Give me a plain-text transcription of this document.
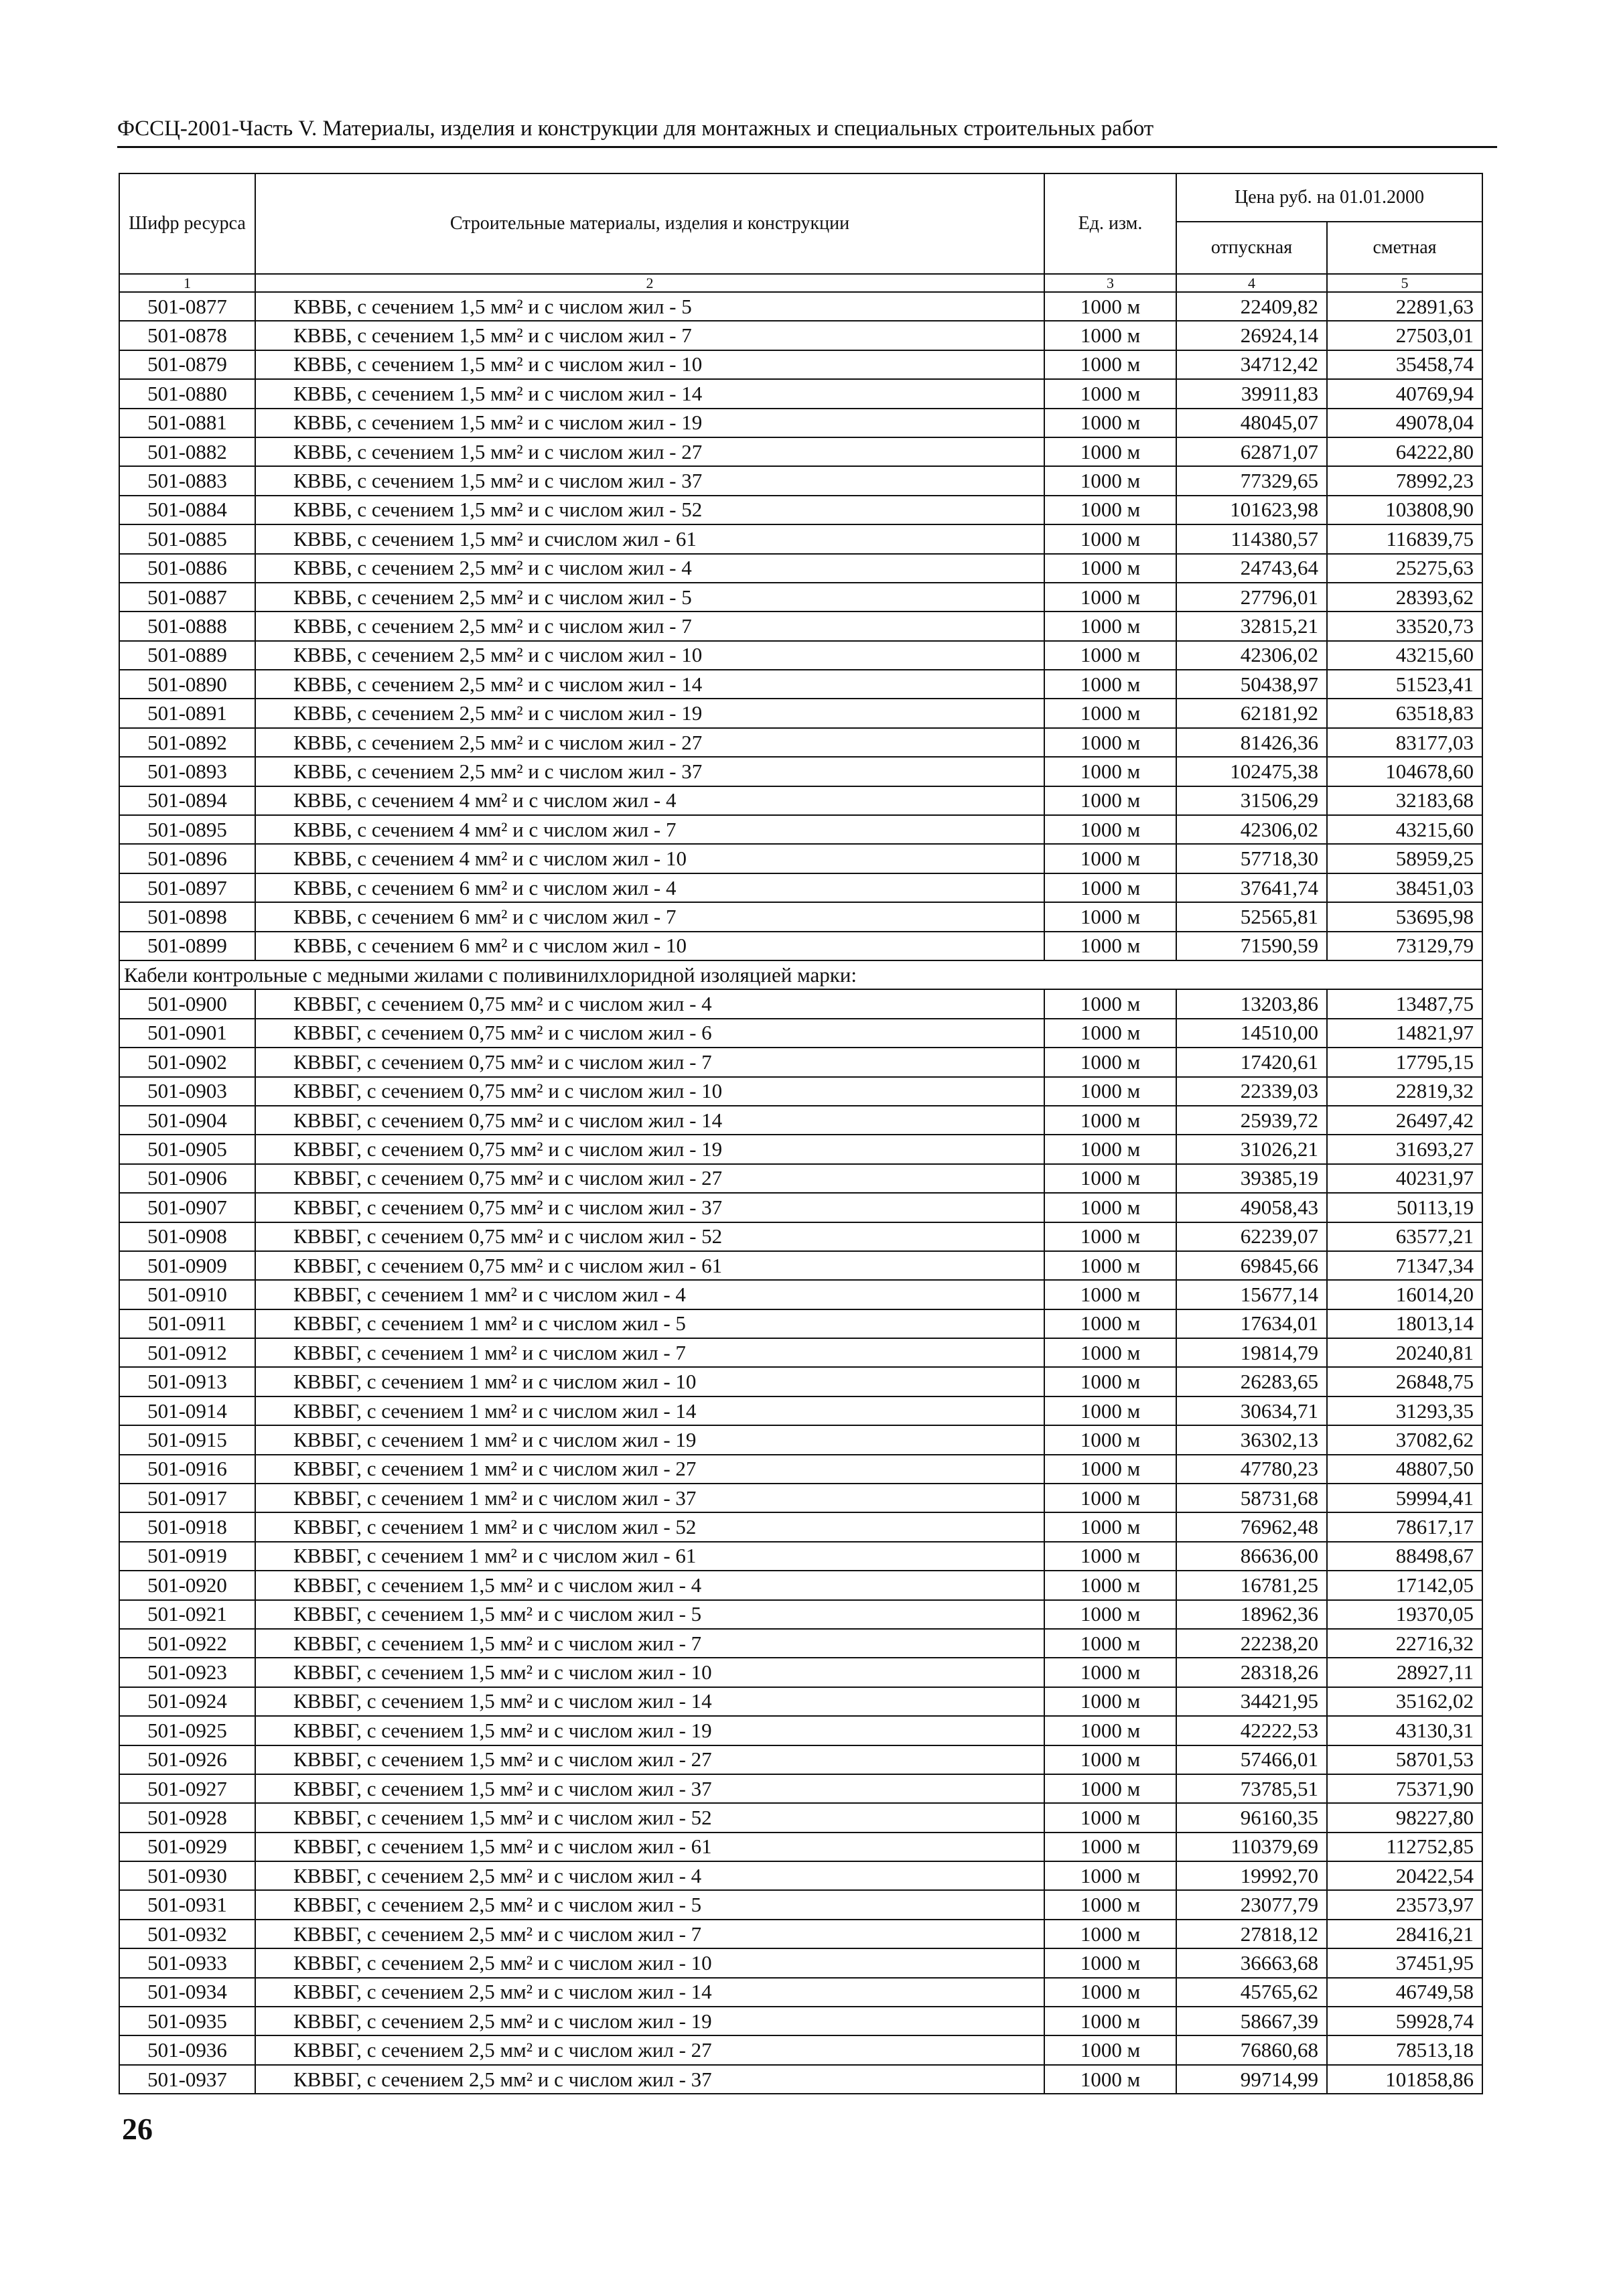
ФССЦ-2001-Часть V. Материалы, изделия и конструкции для монтажных и специальных строительных работ
Шифр ресурса	Строительные материалы, изделия и конструкции	Ед. изм.	Цена руб. на 01.01.2000	
			отпускная	сметная
1	2	3	4	5
501-0877	КВВБ, с сечением 1,5 мм² и с числом жил - 5	1000 м	22409,82	22891,63
501-0878	КВВБ, с сечением 1,5 мм² и с числом жил - 7	1000 м	26924,14	27503,01
501-0879	КВВБ, с сечением 1,5 мм² и с числом жил - 10	1000 м	34712,42	35458,74
501-0880	КВВБ, с сечением 1,5 мм² и с числом жил - 14	1000 м	39911,83	40769,94
501-0881	КВВБ, с сечением 1,5 мм² и с числом жил - 19	1000 м	48045,07	49078,04
501-0882	КВВБ, с сечением 1,5 мм² и с числом жил - 27	1000 м	62871,07	64222,80
501-0883	КВВБ, с сечением 1,5 мм² и с числом жил - 37	1000 м	77329,65	78992,23
501-0884	КВВБ, с сечением 1,5 мм² и с числом жил - 52	1000 м	101623,98	103808,90
501-0885	КВВБ, с сечением 1,5 мм² и счислом жил - 61	1000 м	114380,57	116839,75
501-0886	КВВБ, с сечением 2,5 мм² и с числом жил - 4	1000 м	24743,64	25275,63
501-0887	КВВБ, с сечением 2,5 мм² и с числом жил - 5	1000 м	27796,01	28393,62
501-0888	КВВБ, с сечением 2,5 мм² и с числом жил - 7	1000 м	32815,21	33520,73
501-0889	КВВБ, с сечением 2,5 мм² и с числом жил - 10	1000 м	42306,02	43215,60
501-0890	КВВБ, с сечением 2,5 мм² и с числом жил - 14	1000 м	50438,97	51523,41
501-0891	КВВБ, с сечением 2,5 мм² и с числом жил - 19	1000 м	62181,92	63518,83
501-0892	КВВБ, с сечением 2,5 мм² и с числом жил - 27	1000 м	81426,36	83177,03
501-0893	КВВБ, с сечением 2,5 мм² и с числом жил - 37	1000 м	102475,38	104678,60
501-0894	КВВБ, с сечением 4 мм² и с числом жил - 4	1000 м	31506,29	32183,68
501-0895	КВВБ, с сечением 4 мм² и с числом жил - 7	1000 м	42306,02	43215,60
501-0896	КВВБ, с сечением 4 мм² и с числом жил - 10	1000 м	57718,30	58959,25
501-0897	КВВБ, с сечением 6 мм² и с числом жил - 4	1000 м	37641,74	38451,03
501-0898	КВВБ, с сечением 6 мм² и с числом жил - 7	1000 м	52565,81	53695,98
501-0899	КВВБ, с сечением 6 мм² и с числом жил - 10	1000 м	71590,59	73129,79
Кабели контрольные с медными жилами с поливинилхлоридной изоляцией марки:				
501-0900	КВВБГ, с сечением 0,75 мм² и с числом жил - 4	1000 м	13203,86	13487,75
501-0901	КВВБГ, с сечением 0,75 мм² и с числом жил - 6	1000 м	14510,00	14821,97
501-0902	КВВБГ, с сечением 0,75 мм² и с числом жил - 7	1000 м	17420,61	17795,15
501-0903	КВВБГ, с сечением 0,75 мм² и с числом жил - 10	1000 м	22339,03	22819,32
501-0904	КВВБГ, с сечением 0,75 мм² и с числом жил - 14	1000 м	25939,72	26497,42
501-0905	КВВБГ, с сечением 0,75 мм² и с числом жил - 19	1000 м	31026,21	31693,27
501-0906	КВВБГ, с сечением 0,75 мм² и с числом жил - 27	1000 м	39385,19	40231,97
501-0907	КВВБГ, с сечением 0,75 мм² и с числом жил - 37	1000 м	49058,43	50113,19
501-0908	КВВБГ, с сечением 0,75 мм² и с числом жил - 52	1000 м	62239,07	63577,21
501-0909	КВВБГ, с сечением 0,75 мм² и с числом жил - 61	1000 м	69845,66	71347,34
501-0910	КВВБГ, с сечением 1 мм² и с числом жил - 4	1000 м	15677,14	16014,20
501-0911	КВВБГ, с сечением 1 мм² и с числом жил - 5	1000 м	17634,01	18013,14
501-0912	КВВБГ, с сечением 1 мм² и с числом жил - 7	1000 м	19814,79	20240,81
501-0913	КВВБГ, с сечением 1 мм² и с числом жил - 10	1000 м	26283,65	26848,75
501-0914	КВВБГ, с сечением 1 мм² и с числом жил - 14	1000 м	30634,71	31293,35
501-0915	КВВБГ, с сечением 1 мм² и с числом жил - 19	1000 м	36302,13	37082,62
501-0916	КВВБГ, с сечением 1 мм² и с числом жил - 27	1000 м	47780,23	48807,50
501-0917	КВВБГ, с сечением 1 мм² и с числом жил - 37	1000 м	58731,68	59994,41
501-0918	КВВБГ, с сечением 1 мм² и с числом жил - 52	1000 м	76962,48	78617,17
501-0919	КВВБГ, с сечением 1 мм² и с числом жил - 61	1000 м	86636,00	88498,67
501-0920	КВВБГ, с сечением 1,5 мм² и с числом жил - 4	1000 м	16781,25	17142,05
501-0921	КВВБГ, с сечением 1,5 мм² и с числом жил - 5	1000 м	18962,36	19370,05
501-0922	КВВБГ, с сечением 1,5 мм² и с числом жил - 7	1000 м	22238,20	22716,32
501-0923	КВВБГ, с сечением 1,5 мм² и с числом жил - 10	1000 м	28318,26	28927,11
501-0924	КВВБГ, с сечением 1,5 мм² и с числом жил - 14	1000 м	34421,95	35162,02
501-0925	КВВБГ, с сечением 1,5 мм² и с числом жил - 19	1000 м	42222,53	43130,31
501-0926	КВВБГ, с сечением 1,5 мм² и с числом жил - 27	1000 м	57466,01	58701,53
501-0927	КВВБГ, с сечением 1,5 мм² и с числом жил - 37	1000 м	73785,51	75371,90
501-0928	КВВБГ, с сечением 1,5 мм² и с числом жил - 52	1000 м	96160,35	98227,80
501-0929	КВВБГ, с сечением 1,5 мм² и с числом жил - 61	1000 м	110379,69	112752,85
501-0930	КВВБГ, с сечением 2,5 мм² и с числом жил - 4	1000 м	19992,70	20422,54
501-0931	КВВБГ, с сечением 2,5 мм² и с числом жил - 5	1000 м	23077,79	23573,97
501-0932	КВВБГ, с сечением 2,5 мм² и с числом жил - 7	1000 м	27818,12	28416,21
501-0933	КВВБГ, с сечением 2,5 мм² и с числом жил - 10	1000 м	36663,68	37451,95
501-0934	КВВБГ, с сечением 2,5 мм² и с числом жил - 14	1000 м	45765,62	46749,58
501-0935	КВВБГ, с сечением 2,5 мм² и с числом жил - 19	1000 м	58667,39	59928,74
501-0936	КВВБГ, с сечением 2,5 мм² и с числом жил - 27	1000 м	76860,68	78513,18
501-0937	КВВБГ, с сечением 2,5 мм² и с числом жил - 37	1000 м	99714,99	101858,86
26
